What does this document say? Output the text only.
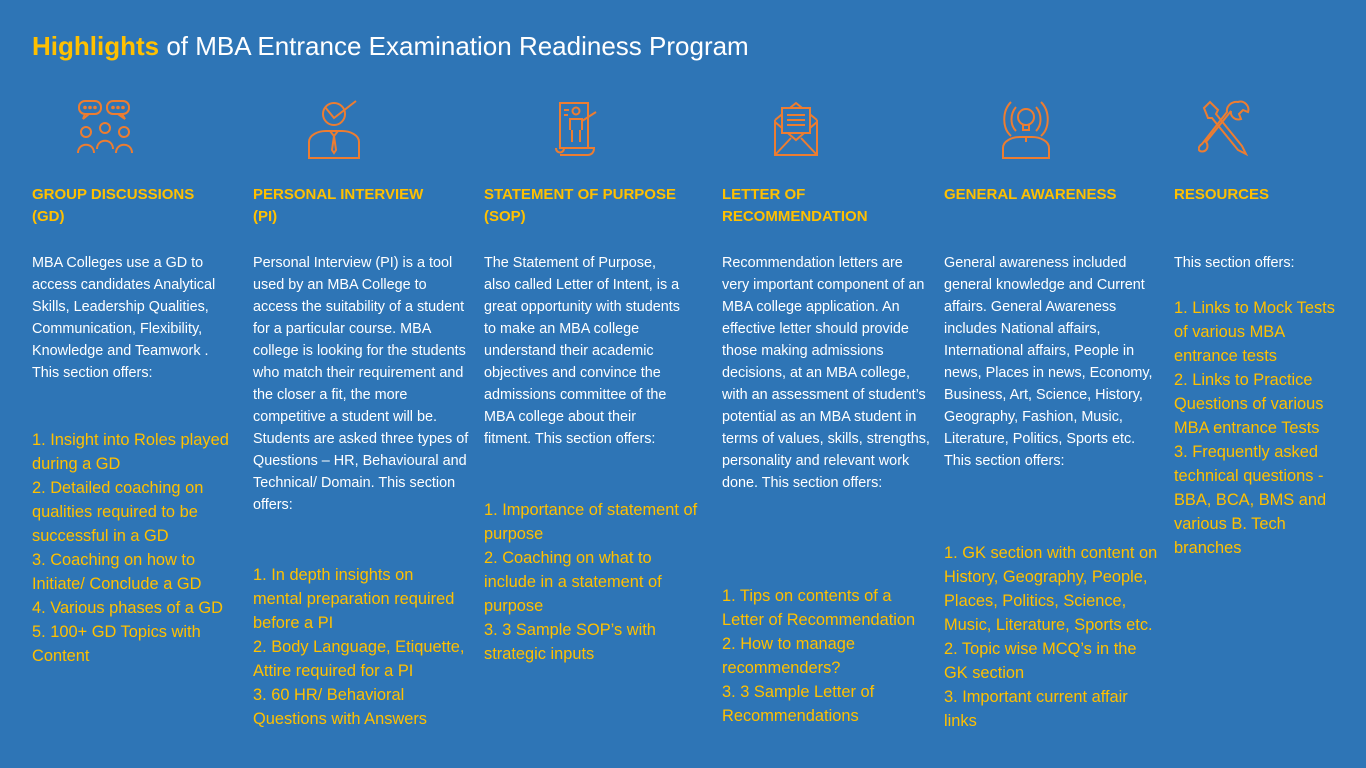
Highlights of MBA Entrance Examination Readiness Program
GROUP DISCUSSIONS
(GD)
MBA Colleges use a GD to access candidates Analytical Skills, Leadership Qualities, Communication, Flexibility, Knowledge and Teamwork . This section offers:
1. Insight into Roles played during a GD
2. Detailed coaching on qualities required to be successful in a GD
3. Coaching on how to Initiate/ Conclude a GD
4. Various phases of a GD
5. 100+ GD Topics with Content
PERSONAL INTERVIEW
(PI)
Personal Interview (PI) is a tool used by an MBA College to access the suitability of a student for a particular course. MBA college is looking for the students who match their requirement and the closer a fit, the more competitive a student will be. Students are asked three types of Questions – HR, Behavioural and Technical/ Domain. This section offers:
1. In depth insights on mental preparation required before a PI
2. Body Language, Etiquette, Attire required for a PI
3. 60 HR/ Behavioral Questions with Answers
STATEMENT OF PURPOSE
(SOP)
The Statement of Purpose, also called Letter of Intent, is a great opportunity with students to make an MBA college understand their academic objectives and convince the admissions committee of the MBA college about their fitment. This section offers:
1. Importance of statement of purpose
2. Coaching on what to include in a statement of purpose
3. 3 Sample SOP’s with strategic inputs
LETTER OF
RECOMMENDATION
Recommendation letters are very important component of an MBA college application. An effective letter should provide those making admissions decisions, at an MBA college, with an assessment of student’s potential as an MBA student in terms of values, skills, strengths, personality and relevant work done. This section offers:
1. Tips on contents of a Letter of Recommendation
2. How to manage recommenders?
3. 3 Sample Letter of Recommendations
GENERAL AWARENESS
General awareness included general knowledge and Current affairs. General Awareness includes National affairs, International affairs, People in news, Places in news, Economy, Business, Art, Science, History, Geography, Fashion, Music, Literature, Politics, Sports etc. This section offers:
1. GK section with content on History, Geography, People, Places, Politics, Science, Music, Literature, Sports etc.
2. Topic wise MCQ’s in the GK section
3. Important current affair links
RESOURCES
This section offers:
1. Links to Mock Tests of various MBA entrance tests
2. Links to Practice Questions of various MBA entrance Tests
3. Frequently asked technical questions - BBA, BCA, BMS and various B. Tech branches
